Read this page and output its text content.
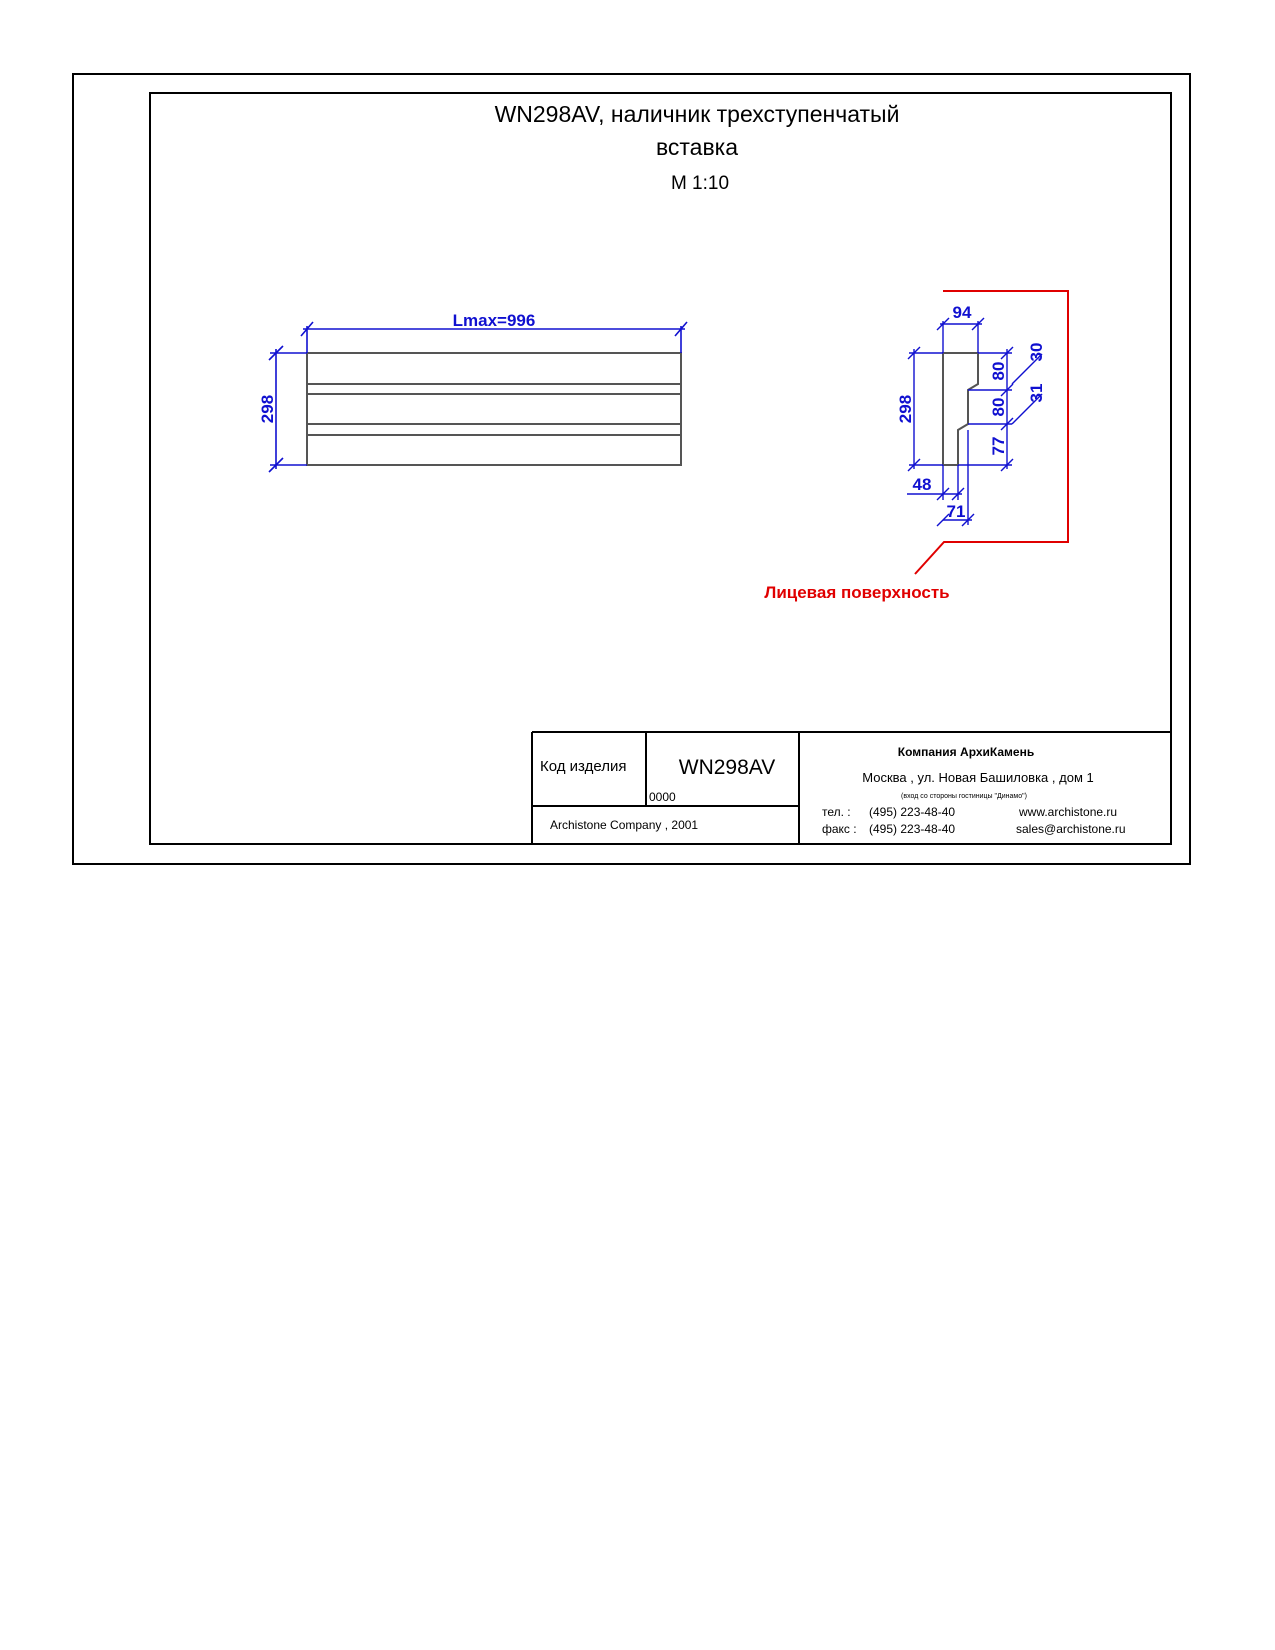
WN298AV, наличник трехступенчатый
вставка
M 1:10
Lmax=996
298
94
298
80
80
77
30
31
48
71
Лицевая поверхность
Код изделия WN298AV
0000
Archistone Company , 2001
Компания АрхиКамень
Москва , ул. Новая Башиловка , дом 1
(вход со стороны гостиницы "Динамо")
тел. : (495) 223-48-40
факс : (495) 223-48-40
www.archistone.ru
sales@archistone.ru
